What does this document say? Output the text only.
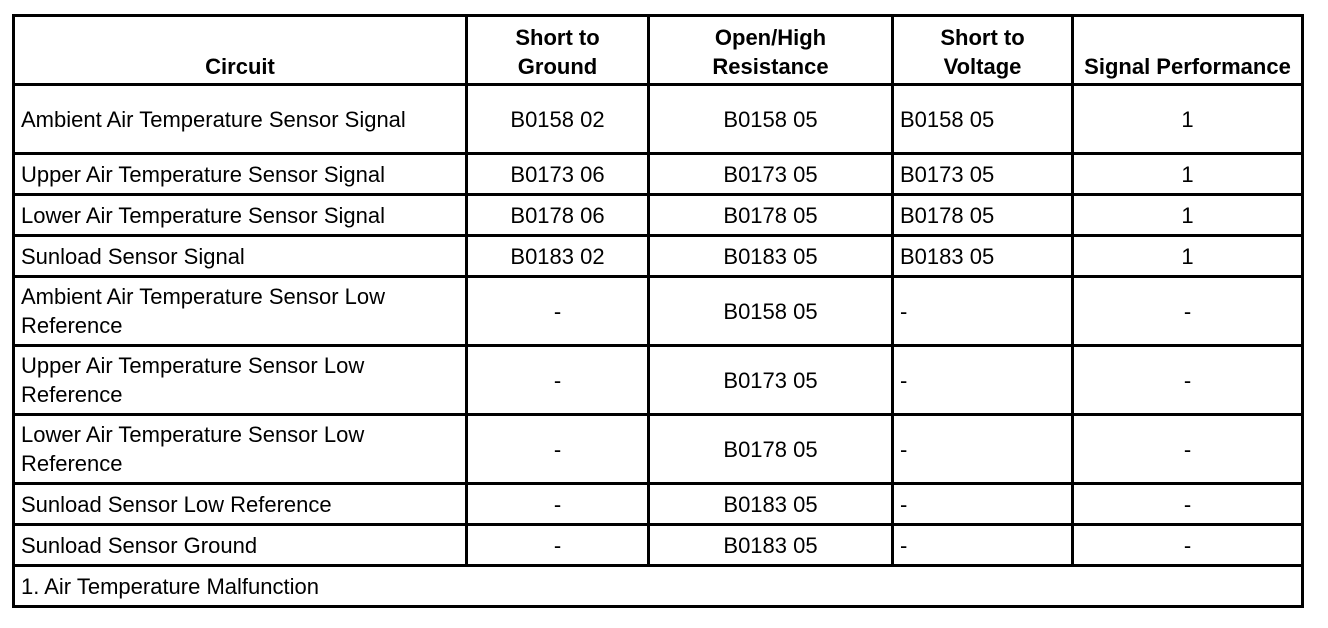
Circuit	Short to Ground	Open/High Resistance	Short to Voltage	Signal Performance
Ambient Air Temperature Sensor Signal	B0158 02	B0158 05	B0158 05	1
Upper Air Temperature Sensor Signal	B0173 06	B0173 05	B0173 05	1
Lower Air Temperature Sensor Signal	B0178 06	B0178 05	B0178 05	1
Sunload Sensor Signal	B0183 02	B0183 05	B0183 05	1
Ambient Air Temperature Sensor Low Reference	-	B0158 05	-	-
Upper Air Temperature Sensor Low Reference	-	B0173 05	-	-
Lower Air Temperature Sensor Low Reference	-	B0178 05	-	-
Sunload Sensor Low Reference	-	B0183 05	-	-
Sunload Sensor Ground	-	B0183 05	-	-
1. Air Temperature Malfunction				
